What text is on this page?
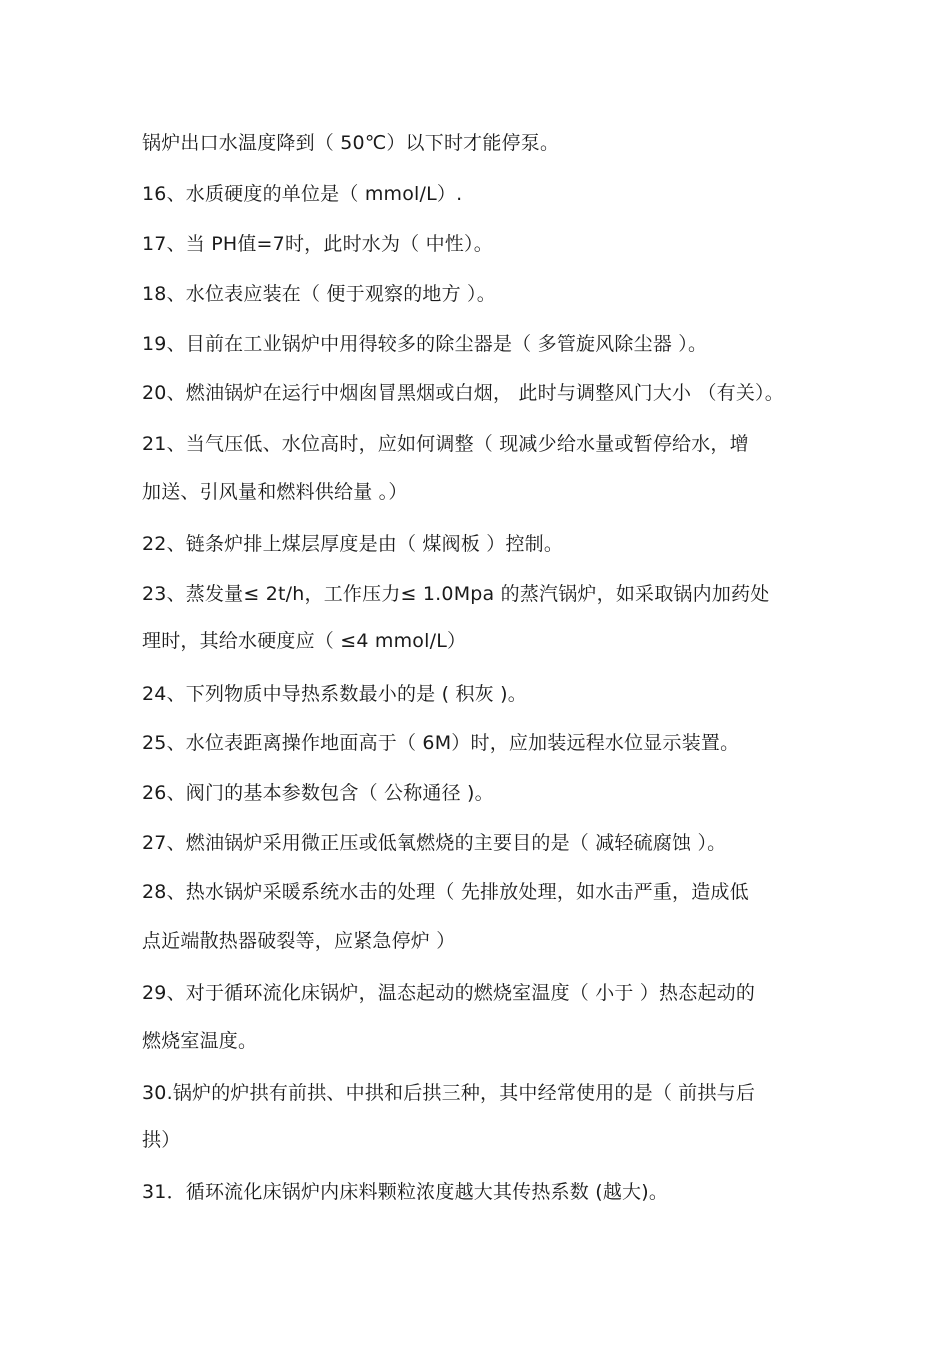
锅炉出口水温度降到（ 50℃）以下时才能停泵。
16、水质硬度的单位是（ mmol/L）.
17、当 PH值=7时，此时水为（ 中性）。
18、水位表应装在（ 便于观察的地方 ）。
19、目前在工业锅炉中用得较多的除尘器是（ 多管旋风除尘器 ）。
20、燃油锅炉在运行中烟囱冒黑烟或白烟， 此时与调整风门大小 （有关）。
21、当气压低、水位高时，应如何调整（ 现减少给水量或暂停给水，增
加送、引风量和燃料供给量 。）
22、链条炉排上煤层厚度是由（ 煤阀板 ）控制。
23、蒸发量≤ 2t/h，工作压力≤ 1.0Mpa 的蒸汽锅炉，如采取锅内加药处
理时，其给水硬度应（ ≤4 mmol/L）
24、下列物质中导热系数最小的是 ( 积灰 )。
25、水位表距离操作地面高于（ 6M）时，应加装远程水位显示装置。
26、阀门的基本参数包含（ 公称通径 )。
27、燃油锅炉采用微正压或低氧燃烧的主要目的是（ 减轻硫腐蚀 ）。
28、热水锅炉采暖系统水击的处理（ 先排放处理，如水击严重，造成低
点近端散热器破裂等，应紧急停炉 ）
29、对于循环流化床锅炉，温态起动的燃烧室温度（ 小于 ）热态起动的
燃烧室温度。
30.锅炉的炉拱有前拱、中拱和后拱三种，其中经常使用的是（ 前拱与后
拱）
31．循环流化床锅炉内床料颗粒浓度越大其传热系数 (越大)。
